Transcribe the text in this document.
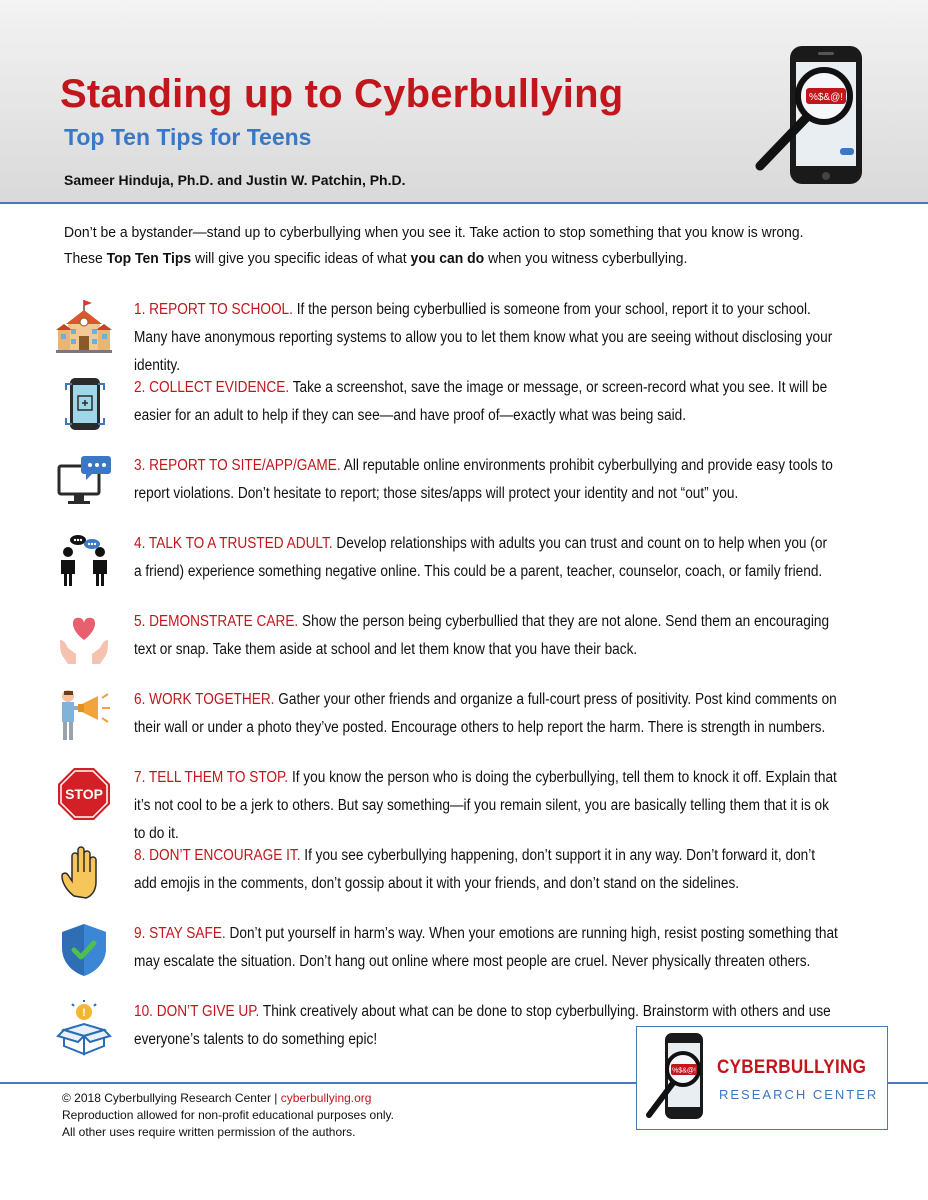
Standing up to Cyberbullying
Top Ten Tips for Teens
Sameer Hinduja, Ph.D. and Justin W. Patchin, Ph.D.
%$&@!
Don’t be a bystander—stand up to cyberbullying when you see it. Take action to stop something that you know is wrong.
These Top Ten Tips will give you specific ideas of what you can do when you witness cyberbullying.
1. REPORT TO SCHOOL. If the person being cyberbullied is someone from your school, report it to your school. Many have anonymous reporting systems to allow you to let them know what you are seeing without disclosing your identity.
2. COLLECT EVIDENCE. Take a screenshot, save the image or message, or screen-record what you see. It will be easier for an adult to help if they can see—and have proof of—exactly what was being said.
3. REPORT TO SITE/APP/GAME. All reputable online environments prohibit cyberbullying and provide easy tools to report violations. Don’t hesitate to report; those sites/apps will protect your identity and not “out” you.
4. TALK TO A TRUSTED ADULT. Develop relationships with adults you can trust and count on to help when you (or a friend) experience something negative online. This could be a parent, teacher, counselor, coach, or family friend.
5. DEMONSTRATE CARE. Show the person being cyberbullied that they are not alone. Send them an encouraging text or snap. Take them aside at school and let them know that you have their back.
6. WORK TOGETHER. Gather your other friends and organize a full-court press of positivity. Post kind comments on their wall or under a photo they’ve posted. Encourage others to help report the harm. There is strength in numbers.
STOP
7. TELL THEM TO STOP. If you know the person who is doing the cyberbullying, tell them to knock it off. Explain that it’s not cool to be a jerk to others. But say something—if you remain silent, you are basically telling them that it is ok to do it.
8. DON’T ENCOURAGE IT. If you see cyberbullying happening, don’t support it in any way. Don’t forward it, don’t add emojis in the comments, don’t gossip about it with your friends, and don’t stand on the sidelines.
9. STAY SAFE. Don’t put yourself in harm’s way. When your emotions are running high, resist posting something that may escalate the situation. Don’t hang out online where most people are cruel. Never physically threaten others.
!	10. DON’T GIVE UP. Think creatively about what can be done to stop cyberbullying. Brainstorm with others and use everyone’s talents to do something epic!
© 2018 Cyberbullying Research Center | cyberbullying.org
Reproduction allowed for non-profit educational purposes only.
All other uses require written permission of the authors.
%$&@! CYBERBULLYING
RESEARCH CENTER
